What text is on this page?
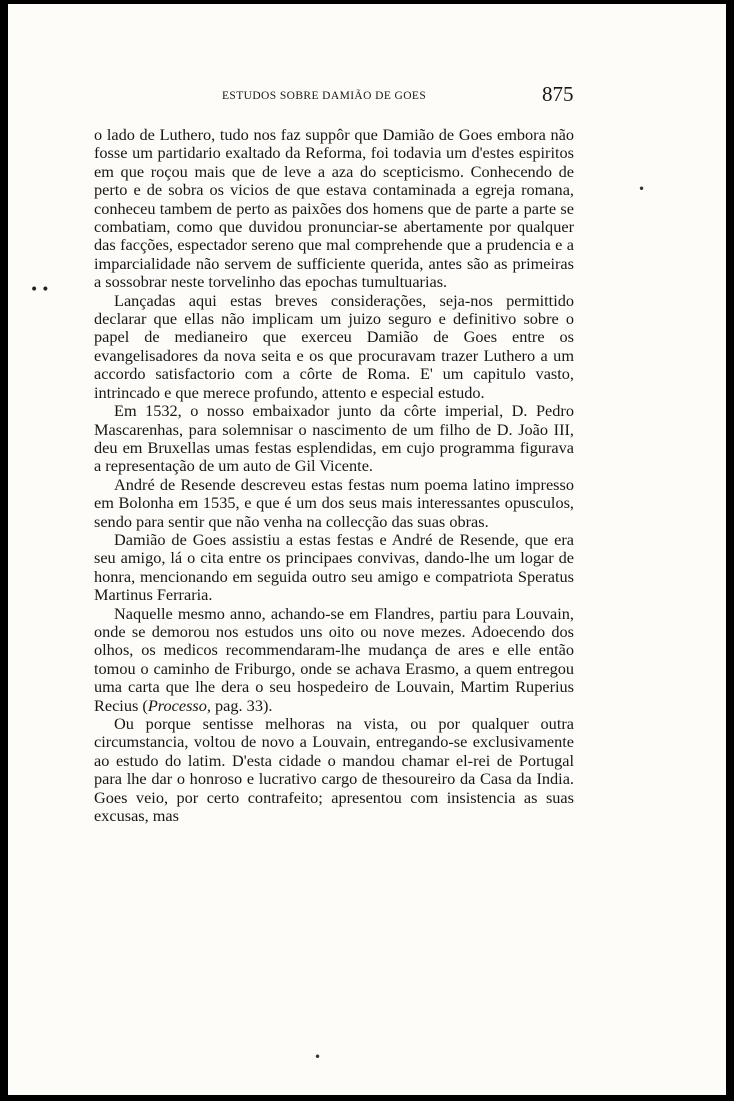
ESTUDOS SOBRE DAMIÃO DE GOES	875
••
•

o lado de Luthero, tudo nos faz suppôr que Damião de Goes embora não fosse um partidario exaltado da Reforma, foi todavia um d'estes espiritos em que roçou mais que de leve a aza do scepticismo. Conhecendo de perto e de sobra os vicios de que estava contaminada a egreja romana, conheceu tambem de perto as paixões dos homens que de parte a parte se combatiam, como que duvidou pronunciar-se abertamente por qualquer das facções, espectador sereno que mal comprehende que a prudencia e a imparcialidade não servem de sufficiente querida, antes são as primeiras a sossobrar neste torvelinho das epochas tumultuarias.

Lançadas aqui estas breves considerações, seja-nos permittido declarar que ellas não implicam um juizo seguro e definitivo sobre o papel de medianeiro que exerceu Damião de Goes entre os evangelisadores da nova seita e os que procuravam trazer Luthero a um accordo satisfactorio com a côrte de Roma. E' um capitulo vasto, intrincado e que merece profundo, attento e especial estudo.

Em 1532, o nosso embaixador junto da côrte imperial, D. Pedro Mascarenhas, para solemnisar o nascimento de um filho de D. João III, deu em Bruxellas umas festas esplendidas, em cujo programma figurava a representação de um auto de Gil Vicente.

André de Resende descreveu estas festas num poema latino impresso em Bolonha em 1535, e que é um dos seus mais interessantes opusculos, sendo para sentir que não venha na collecção das suas obras.

Damião de Goes assistiu a estas festas e André de Resende, que era seu amigo, lá o cita entre os principaes convivas, dando-lhe um logar de honra, mencionando em seguida outro seu amigo e compatriota Speratus Martinus Ferraria.

Naquelle mesmo anno, achando-se em Flandres, partiu para Louvain, onde se demorou nos estudos uns oito ou nove mezes. Adoecendo dos olhos, os medicos recommendaram-lhe mudança de ares e elle então tomou o caminho de Friburgo, onde se achava Erasmo, a quem entregou uma carta que lhe dera o seu hospedeiro de Louvain, Martim Ruperius Recius (Processo, pag. 33).

Ou porque sentisse melhoras na vista, ou por qualquer outra circumstancia, voltou de novo a Louvain, entregando-se exclusivamente ao estudo do latim. D'esta cidade o mandou chamar el-rei de Portugal para lhe dar o honroso e lucrativo cargo de thesoureiro da Casa da India. Goes veio, por certo contrafeito; apresentou com insistencia as suas excusas, mas

•
